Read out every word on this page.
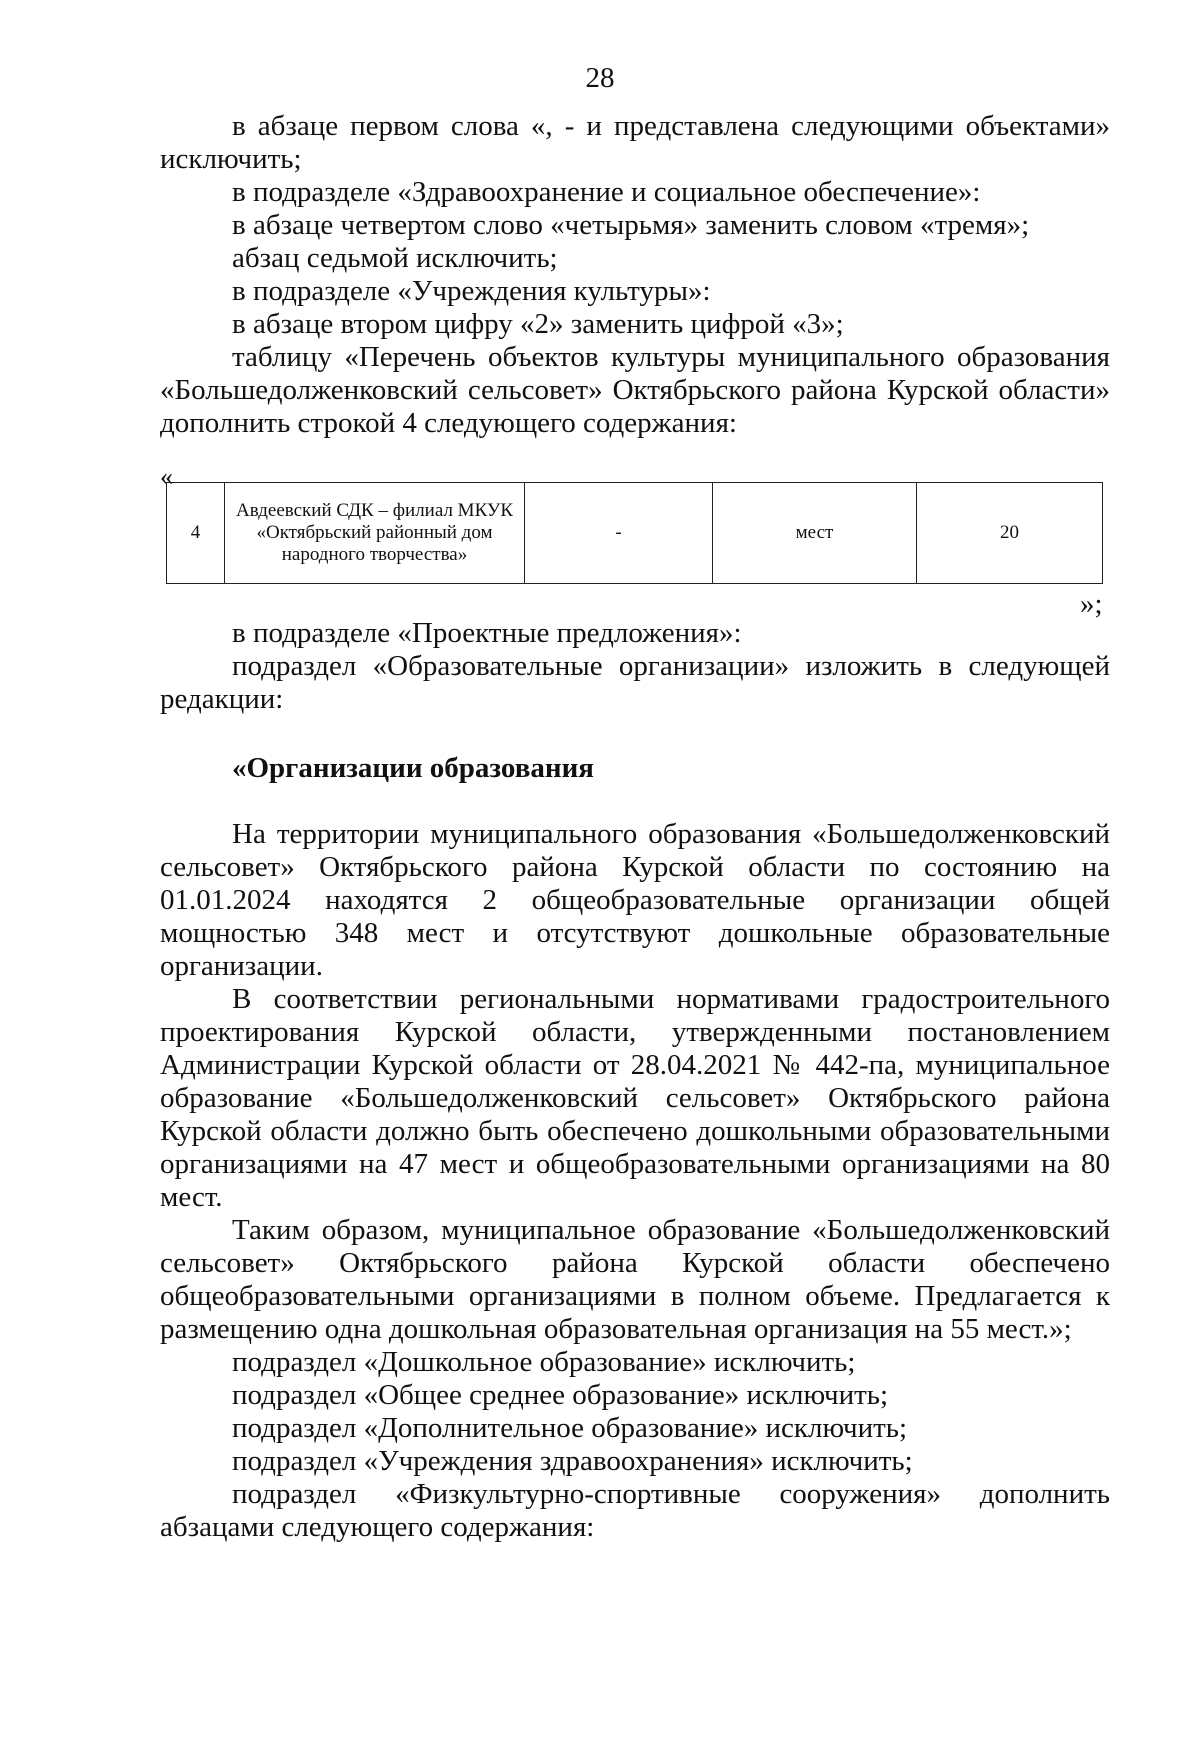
28

в абзаце первом слова «, - и представлена следующими объектами» исключить;

в подразделе «Здравоохранение и социальное обеспечение»:

в абзаце четвертом слово «четырьмя» заменить словом «тремя»;

абзац седьмой исключить;

в подразделе «Учреждения культуры»:

в абзаце втором цифру «2» заменить цифрой «3»;

таблицу «Перечень объектов культуры муниципального образования «Большедолженковский сельсовет» Октябрьского района Курской области» дополнить строкой 4 следующего содержания:

«
4	Авдеевский СДК – филиал МКУК «Октябрьский районный дом народного творчества»	-	мест	20
»;

в подразделе «Проектные предложения»:

подраздел «Образовательные организации» изложить в следующей редакции:

«Организации образования

На территории муниципального образования «Большедолженковский сельсовет» Октябрьского района Курской области по состоянию на 01.01.2024 находятся 2 общеобразовательные организации общей мощностью 348 мест и отсутствуют дошкольные образовательные организации.

В соответствии региональными нормативами градостроительного проектирования Курской области, утвержденными постановлением Администрации Курской области от 28.04.2021 № 442-па, муниципальное образование «Большедолженковский сельсовет» Октябрьского района Курской области должно быть обеспечено дошкольными образовательными организациями на 47 мест и общеобразовательными организациями на 80 мест.

Таким образом, муниципальное образование «Большедолженковский сельсовет» Октябрьского района Курской области обеспечено общеобразовательными организациями в полном объеме. Предлагается к размещению одна дошкольная образовательная организация на 55 мест.»;

подраздел «Дошкольное образование» исключить;

подраздел «Общее среднее образование» исключить;

подраздел «Дополнительное образование» исключить;

подраздел «Учреждения здравоохранения» исключить;

подраздел «Физкультурно-спортивные сооружения» дополнить абзацами следующего содержания:
